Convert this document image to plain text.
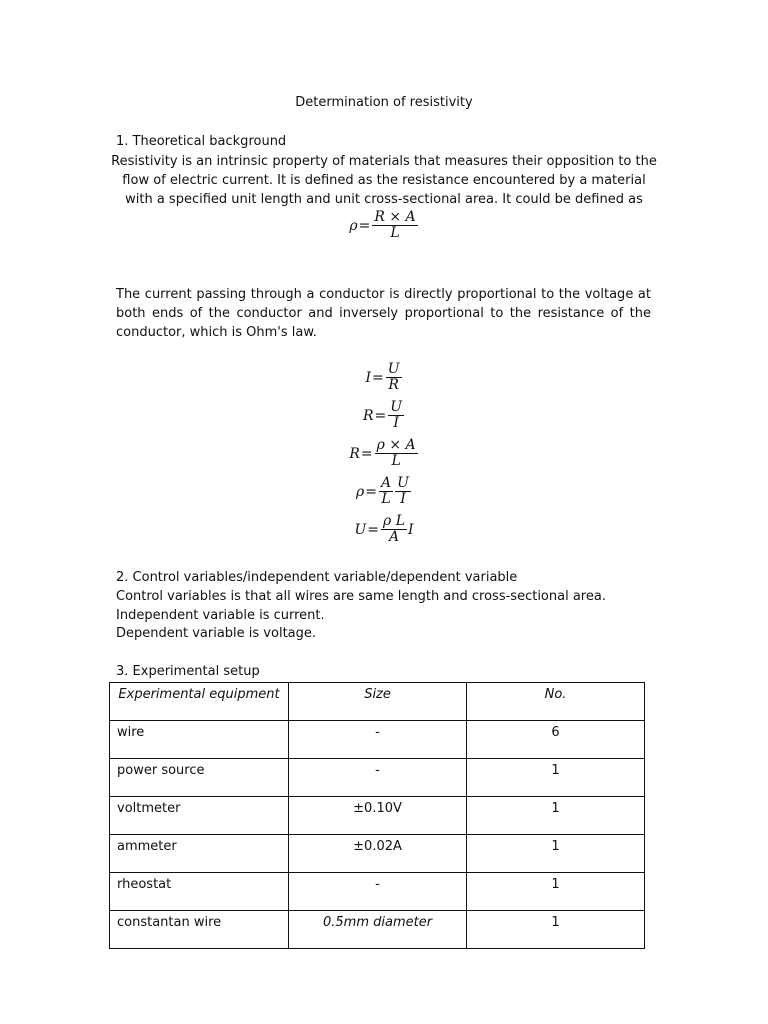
Determination of resistivity
1. Theoretical background
Resistivity is an intrinsic property of materials that measures their opposition to the flow of electric current. It is defined as the resistance encountered by a material with a specified unit length and unit cross-sectional area. It could be defined as
$\rho = \frac{R \times A}{L}$
The current passing through a conductor is directly proportional to the voltage at both ends of the conductor and inversely proportional to the resistance of the conductor, which is Ohm's law.
$I = \frac{U}{R}$
$R = \frac{U}{I}$
$R = \frac{\rho \times A}{L}$
$\rho = \frac{A}{L} \frac{U}{I}$
$U = \frac{\text{ρ L}}{A}$ I
2. Control variables/independent variable/dependent variable
Control variables is that all wires are same length and cross-sectional area.
Independent variable is current.
Dependent variable is voltage.
3. Experimental setup
Experimental equipment	Size	No.
wire	-	6
power source	-	1
voltmeter	±0.10V	1
ammeter	±0.02A	1
rheostat	-	1
constantan wire	0.5mm diameter	1
